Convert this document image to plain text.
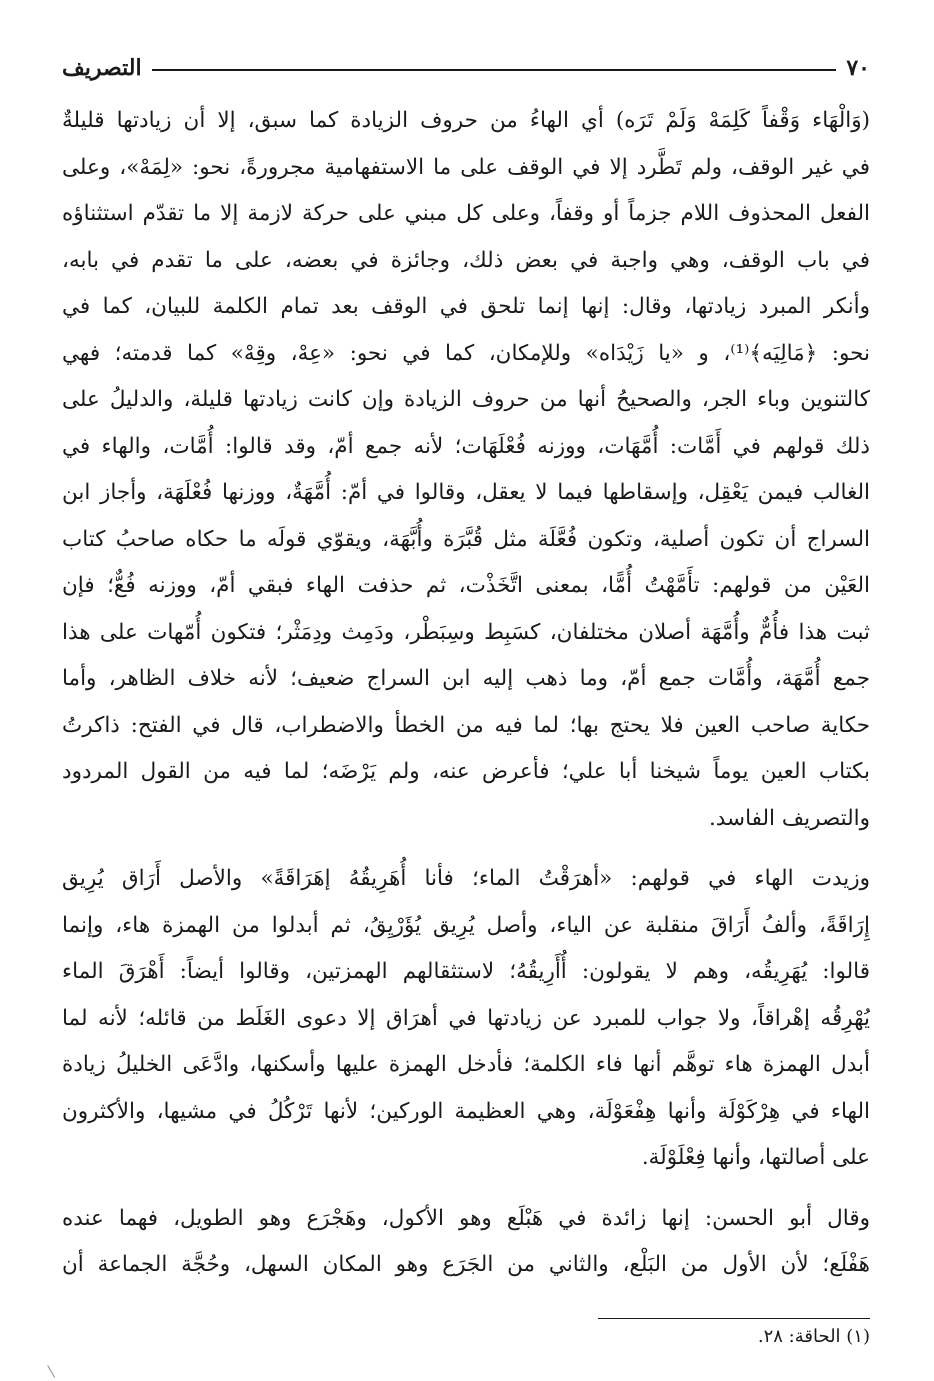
٧٠
التصريف

(وَالْهَاء وَقْفاً كَلِمَهْ وَلَمْ تَرَه) أي الهاءُ من حروف الزيادة كما سبق، إلا أن زيادتها قليلةٌ
في غير الوقف، ولم تَطَّرد إلا في الوقف على ما الاستفهامية مجرورةً، نحو: «لِمَهْ»، وعلى
الفعل المحذوف اللام جزماً أو وقفاً، وعلى كل مبني على حركة لازمة إلا ما تقدّم استثناؤه
في باب الوقف، وهي واجبة في بعض ذلك، وجائزة في بعضه، على ما تقدم في بابه،
وأنكر المبرد زيادتها، وقال: إنها إنما تلحق في الوقف بعد تمام الكلمة للبيان، كما في
نحو: ﴿مَالِيَه﴾⁽¹⁾، و «يا زَيْدَاه» وللإمكان، كما في نحو: «عِهْ، وقِهْ» كما قدمته؛ فهي
كالتنوين وباء الجر، والصحيحُ أنها من حروف الزيادة وإن كانت زيادتها قليلة، والدليلُ على
ذلك قولهم في أَمَّات: أُمَّهَات، ووزنه فُعْلَهَات؛ لأنه جمع أمّ، وقد قالوا: أُمَّات، والهاء في
الغالب فيمن يَعْقِل، وإسقاطها فيما لا يعقل، وقالوا في أمّ: أُمَّهَةٌ، ووزنها فُعْلَهَة، وأجاز ابن
السراج أن تكون أصلية، وتكون فُعَّلَة مثل قُبَّرَة وأُبَّهَة، ويقوّي قولَه ما حكاه صاحبُ كتاب
العَيْن من قولهم: تأَمَّهْتُ أُمًّا، بمعنى اتَّخَذْت، ثم حذفت الهاء فبقي أمّ، ووزنه فُعٌّ؛ فإن
ثبت هذا فأُمٌّ وأُمَّهَة أصلان مختلفان، كسَبِط وسِبَطْر، ودَمِث ودِمَثْر؛ فتكون أُمّهات على هذا
جمع أُمَّهَة، وأُمَّات جمع أمّ، وما ذهب إليه ابن السراج ضعيف؛ لأنه خلاف الظاهر، وأما
حكاية صاحب العين فلا يحتج بها؛ لما فيه من الخطأ والاضطراب، قال في الفتح: ذاكرتُ
بكتاب العين يوماً شيخنا أبا علي؛ فأعرض عنه، ولم يَرْضَه؛ لما فيه من القول المردود
والتصريف الفاسد.

وزيدت الهاء في قولهم: «أهرَقْتُ الماء؛ فأنا أُهَرِيقُهُ إهَرَاقَةً» والأصل أَرَاق يُرِيق
إِرَاقَةً، وألفُ أَرَاقَ منقلبة عن الياء، وأصل يُرِيق يُؤَرْيِقُ، ثم أبدلوا من الهمزة هاء، وإنما
قالوا: يُهَرِيقُه، وهم لا يقولون: أُأَرِيقُهُ؛ لاستثقالهم الهمزتين، وقالوا أيضاً: أَهْرَقَ الماء
يُهْرِقُه إهْراقاً، ولا جواب للمبرد عن زيادتها في أهرَاق إلا دعوى الغَلَط من قائله؛ لأنه لما
أبدل الهمزة هاء توهَّم أنها فاء الكلمة؛ فأدخل الهمزة عليها وأسكنها، وادَّعَى الخليلُ زيادة
الهاء في هِرْكَوْلَة وأنها هِفْعَوْلَة، وهي العظيمة الوركين؛ لأنها تَرْكُلُ في مشيها، والأكثرون
على أصالتها، وأنها فِعْلَوْلَة.

وقال أبو الحسن: إنها زائدة في هَبْلَع وهو الأكول، وهَجْرَع وهو الطويل، فهما عنده
هَفْلَع؛ لأن الأول من البَلْع، والثاني من الجَرَع وهو المكان السهل، وحُجَّة الجماعة أن

(١) الحاقة: ٢٨.
